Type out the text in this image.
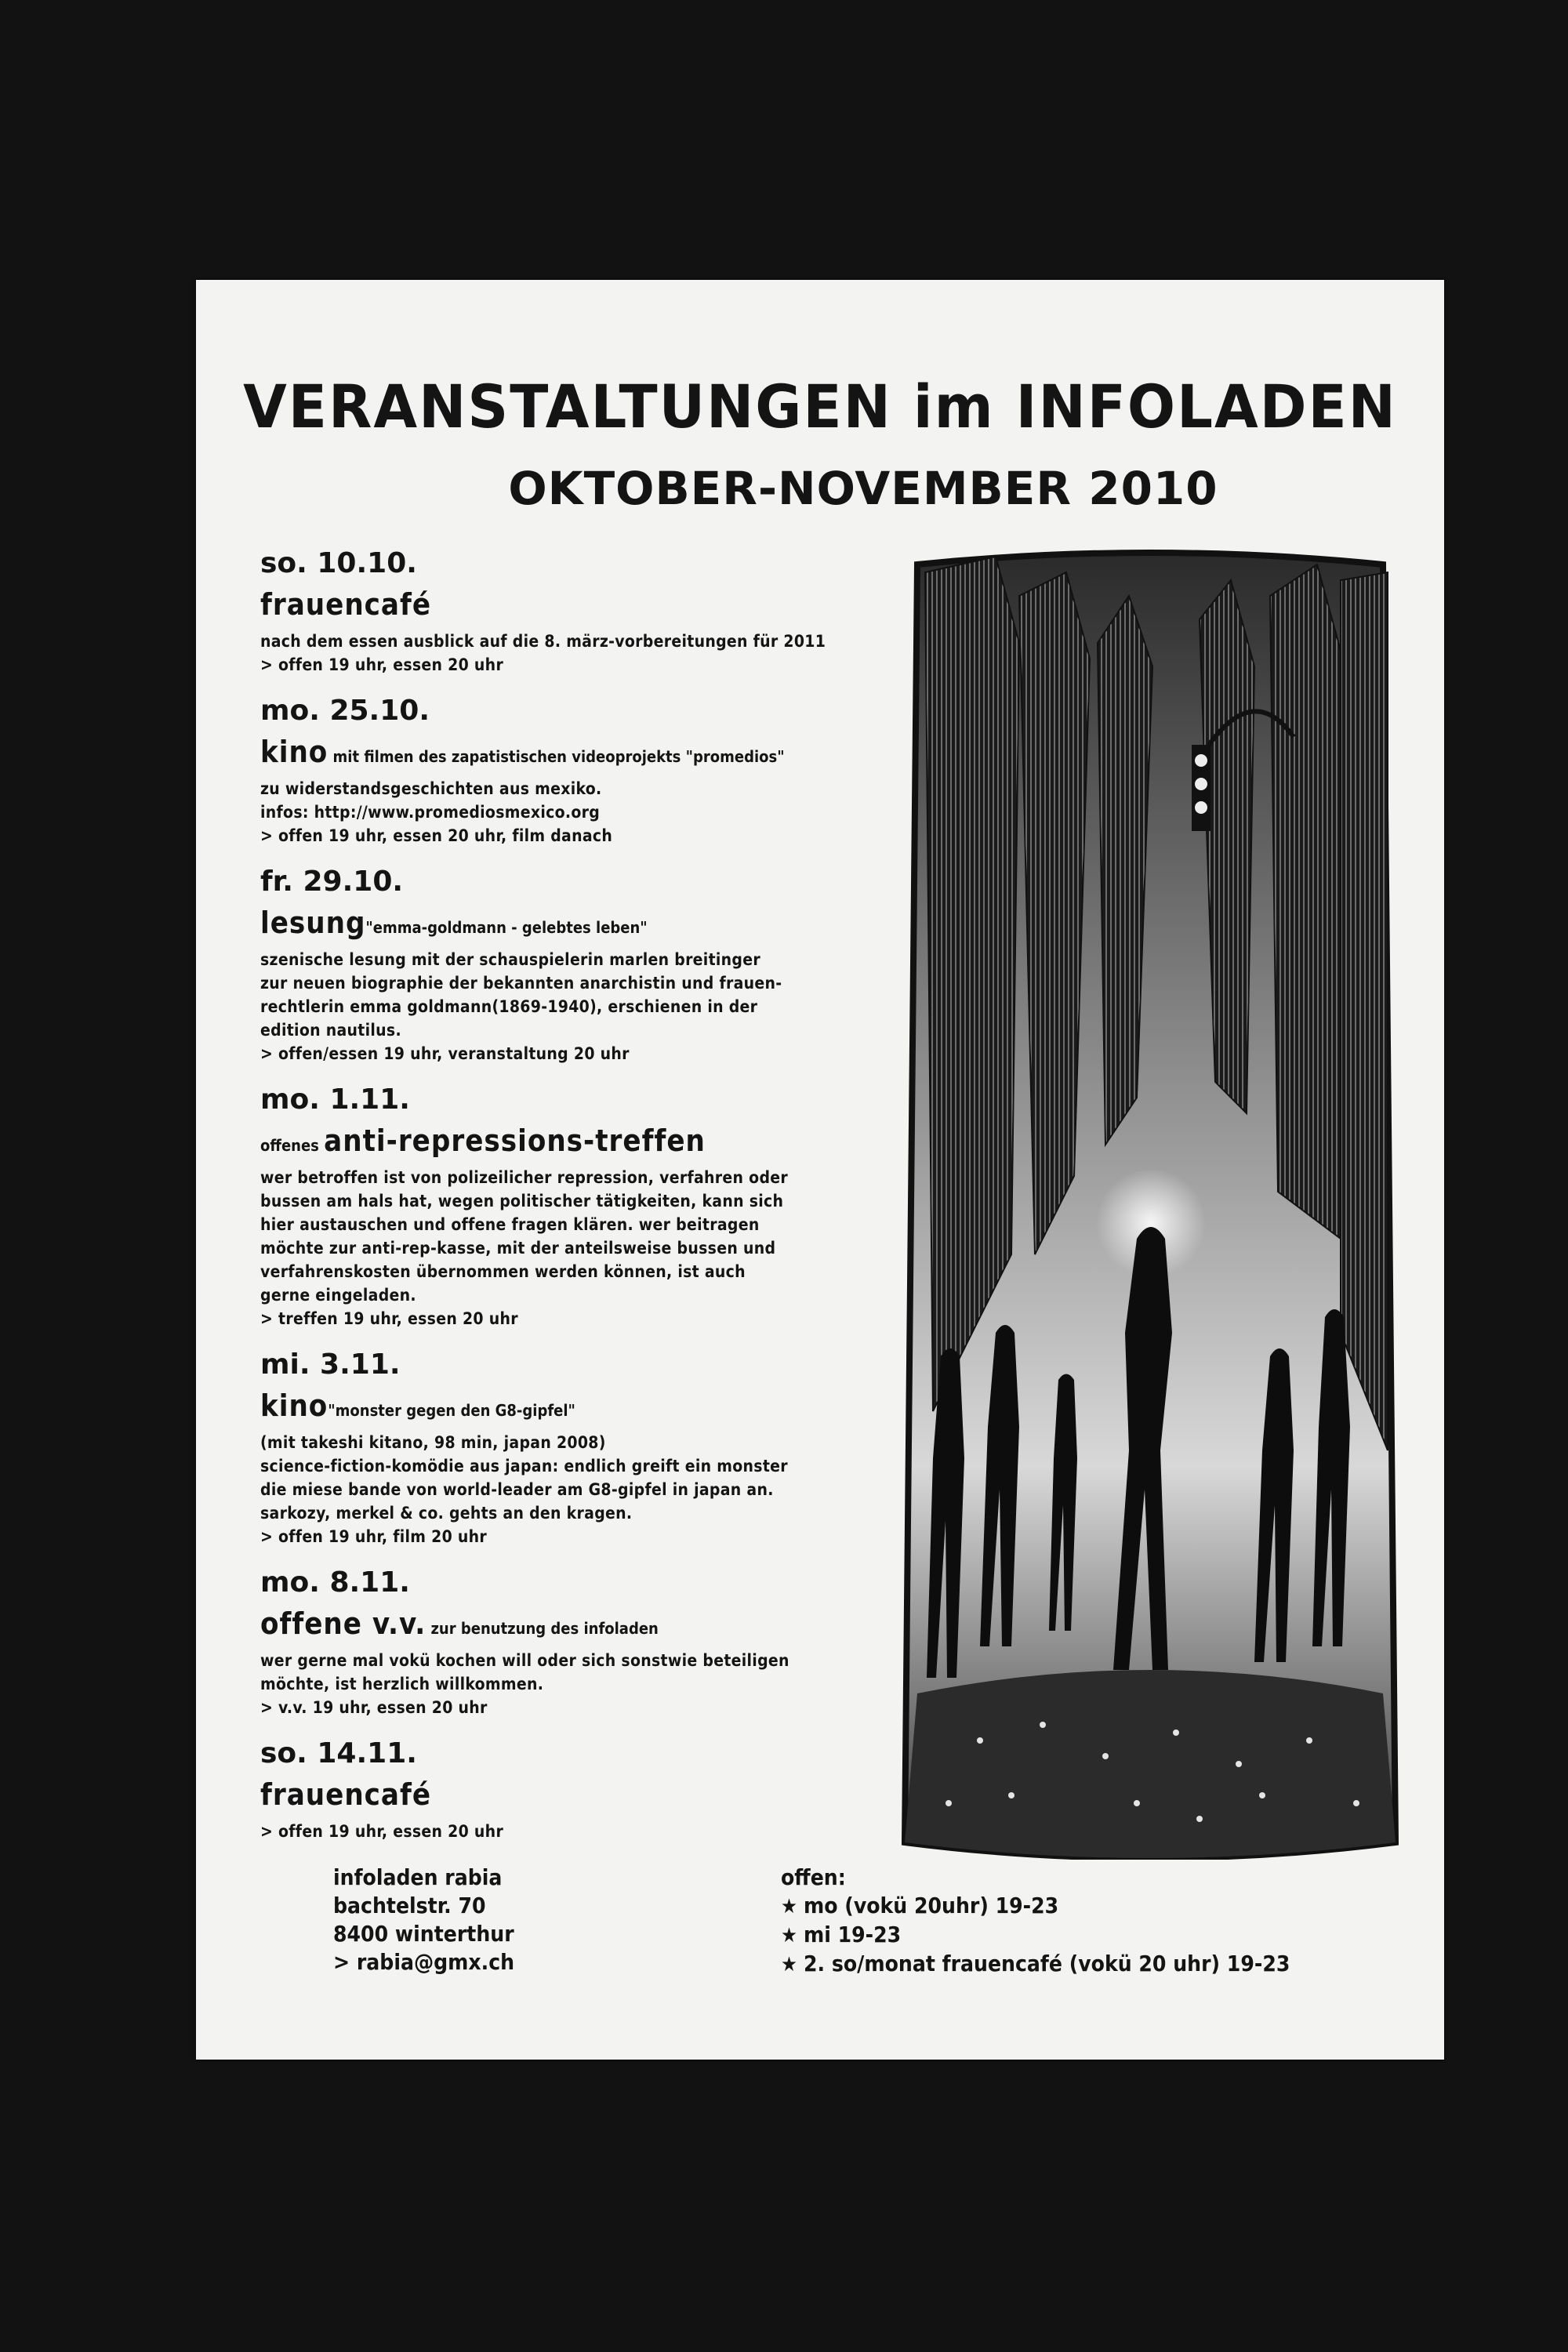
VERANSTALTUNGEN im INFOLADEN
OKTOBER-NOVEMBER 2010
so. 10.10.
frauencafé

nach dem essen ausblick auf die 8. märz-vorbereitungen für 2011

> offen 19 uhr, essen 20 uhr

mo. 25.10.
kino mit filmen des zapatistischen videoprojekts "promedios"

zu widerstandsgeschichten aus mexiko.

infos: http://www.promediosmexico.org

> offen 19 uhr, essen 20 uhr, film danach

fr. 29.10.
lesung"emma-goldmann - gelebtes leben"

szenische lesung mit der schauspielerin marlen breitinger

zur neuen biographie der bekannten anarchistin und frauen-

rechtlerin emma goldmann(1869-1940), erschienen in der

edition nautilus.

> offen/essen 19 uhr, veranstaltung 20 uhr

mo. 1.11.
offenes anti-repressions-treffen

wer betroffen ist von polizeilicher repression, verfahren oder

bussen am hals hat, wegen politischer tätigkeiten, kann sich

hier austauschen und offene fragen klären. wer beitragen

möchte zur anti-rep-kasse, mit der anteilsweise bussen und

verfahrenskosten übernommen werden können, ist auch

gerne eingeladen.

> treffen 19 uhr, essen 20 uhr

mi. 3.11.
kino"monster gegen den G8-gipfel"

(mit takeshi kitano, 98 min, japan 2008)

science-fiction-komödie aus japan: endlich greift ein monster

die miese bande von world-leader am G8-gipfel in japan an.

sarkozy, merkel & co. gehts an den kragen.

> offen 19 uhr, film 20 uhr

mo. 8.11.
offene v.v. zur benutzung des infoladen

wer gerne mal vokü kochen will oder sich sonstwie beteiligen

möchte, ist herzlich willkommen.

> v.v. 19 uhr, essen 20 uhr

so. 14.11.
frauencafé

> offen 19 uhr, essen 20 uhr

infoladen rabia
bachtelstr. 70
8400 winterthur
> rabia@gmx.ch
offen:
★ mo (vokü 20uhr) 19-23
★ mi 19-23
★ 2. so/monat frauencafé (vokü 20 uhr) 19-23
